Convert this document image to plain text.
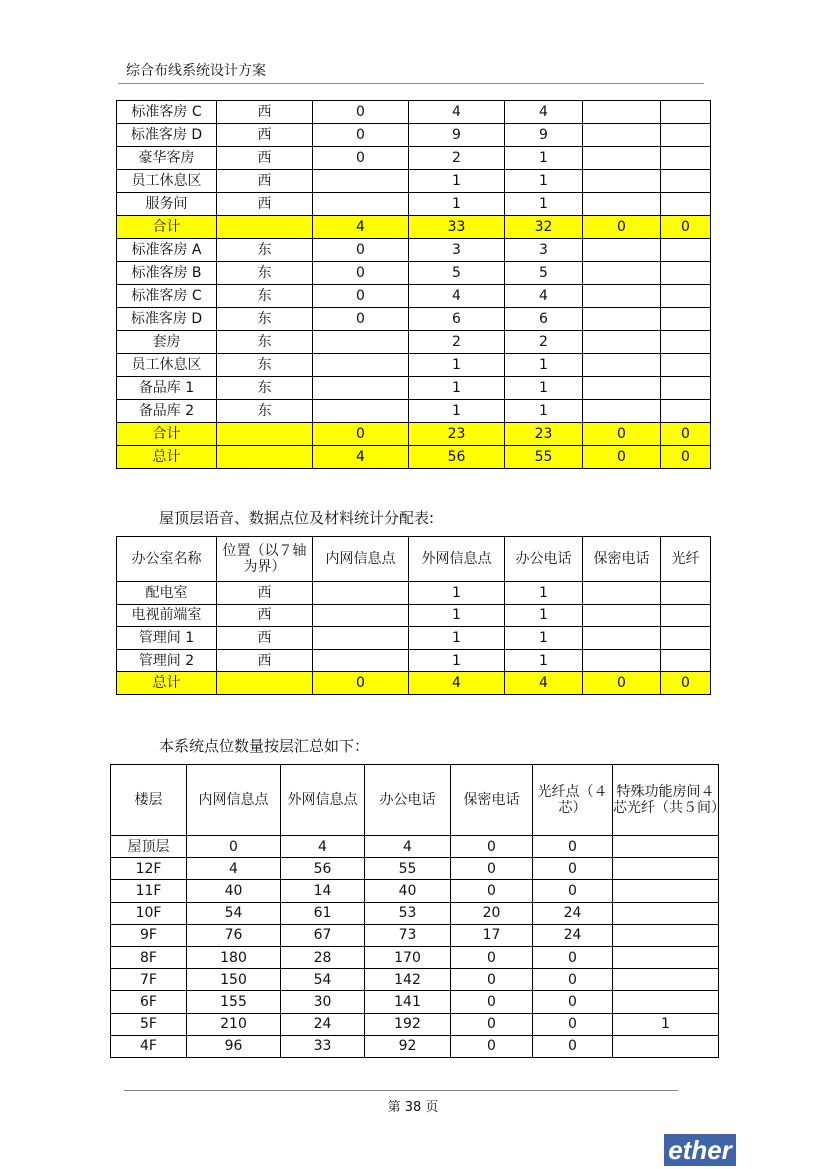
综合布线系统设计方案
标准客房 C	西	0	4	4		
标准客房 D	西	0	9	9		
豪华客房	西	0	2	1		
员工休息区	西		1	1		
服务间	西		1	1		
合计		4	33	32	0	0
标准客房 A	东	0	3	3		
标准客房 B	东	0	5	5		
标准客房 C	东	0	4	4		
标准客房 D	东	0	6	6		
套房	东		2	2		
员工休息区	东		1	1		
备品库 1	东		1	1		
备品库 2	东		1	1		
合计		0	23	23	0	0
总计		4	56	55	0	0
屋顶层语音、数据点位及材料统计分配表:
办公室名称	位置（以７轴为界）	内网信息点	外网信息点	办公电话	保密电话	光纤
配电室	西		1	1		
电视前端室	西		1	1		
管理间 1	西		1	1		
管理间 2	西		1	1		
总计		0	4	4	0	0
本系统点位数量按层汇总如下：
楼层	内网信息点	外网信息点	办公电话	保密电话	光纤点（４芯）	特殊功能房间４芯光纤（共５间）
屋顶层	0	4	4	0	0	
12F	4	56	55	0	0	
11F	40	14	40	0	0	
10F	54	61	53	20	24	
9F	76	67	73	17	24	
8F	180	28	170	0	0	
7F	150	54	142	0	0	
6F	155	30	141	0	0	
5F	210	24	192	0	0	1
4F	96	33	92	0	0	
第 38 页
ether
